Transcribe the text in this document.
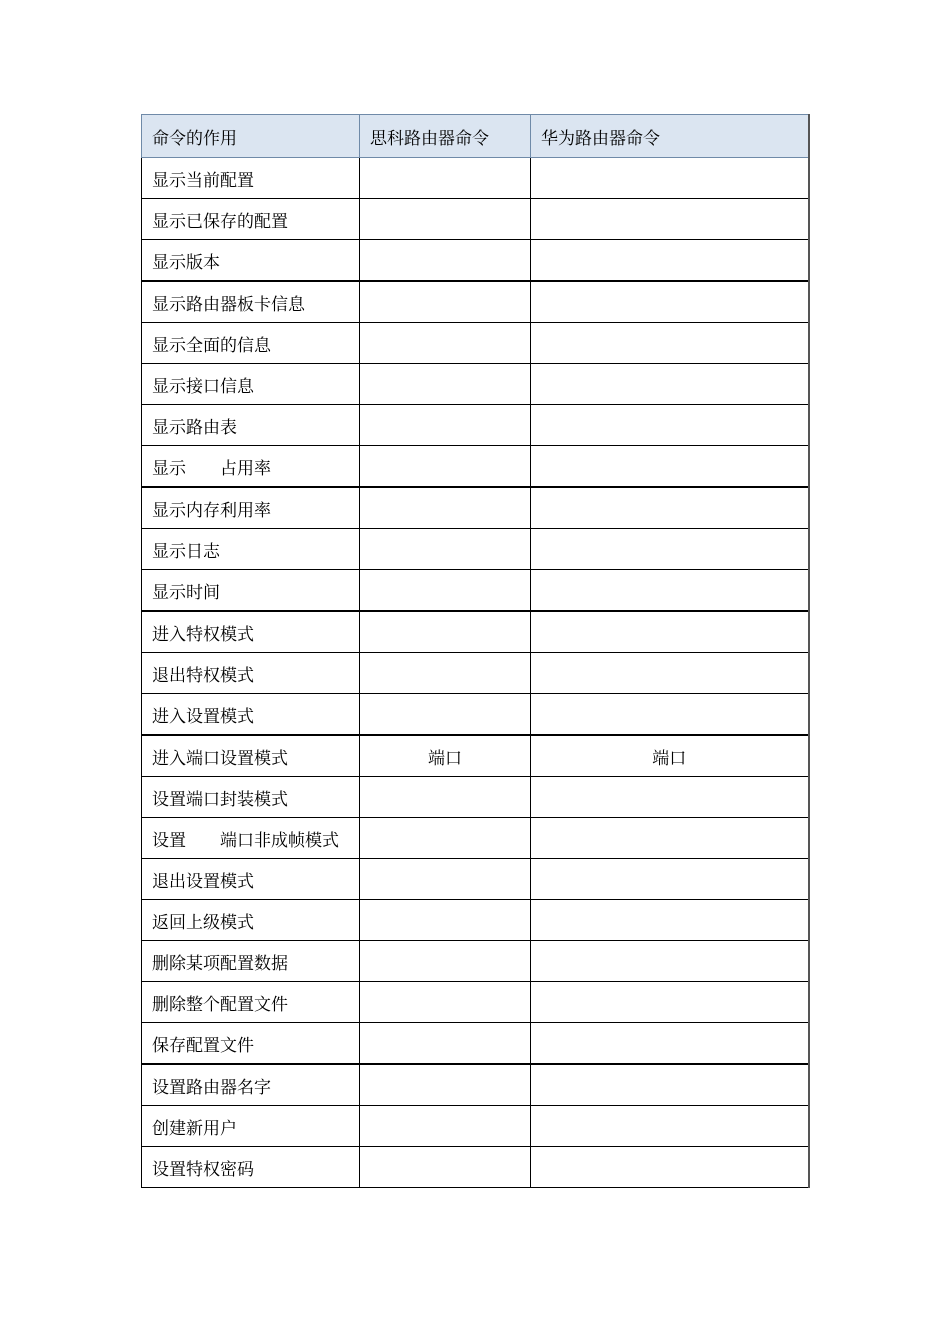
命令的作用	思科路由器命令	华为路由器命令
显示当前配置		
显示已保存的配置		
显示版本		
显示路由器板卡信息		
显示全面的信息		
显示接口信息		
显示路由表		
显示　　占用率		
显示内存利用率		
显示日志		
显示时间		
进入特权模式		
退出特权模式		
进入设置模式		
进入端口设置模式	端口	端口
设置端口封装模式		
设置　　端口非成帧模式		
退出设置模式		
返回上级模式		
删除某项配置数据		
删除整个配置文件		
保存配置文件		
设置路由器名字		
创建新用户		
设置特权密码		
